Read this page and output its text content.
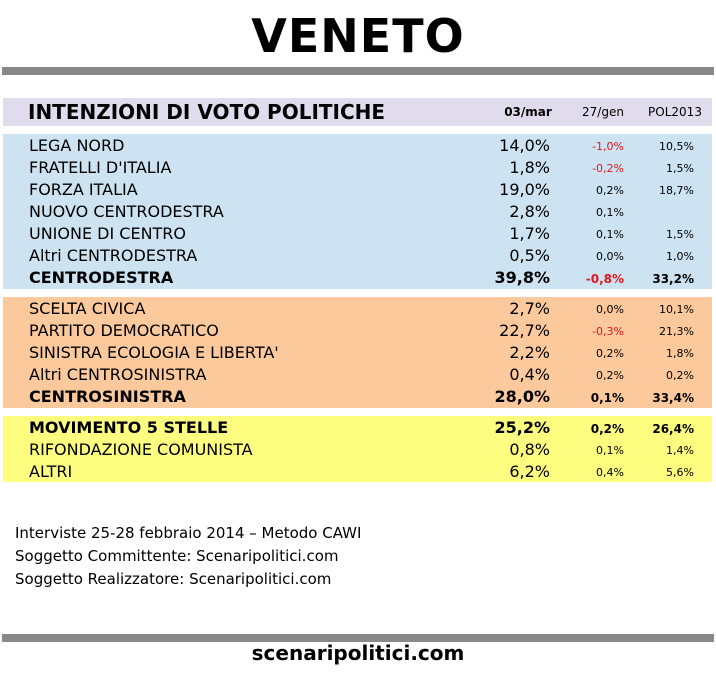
VENETO
INTENZIONI DI VOTO POLITICHE	03/mar	27/gen	POL2013
LEGA NORD	14,0%	-1,0%	10,5%
FRATELLI D'ITALIA	1,8%	-0,2%	1,5%
FORZA ITALIA	19,0%	0,2%	18,7%
NUOVO CENTRODESTRA	2,8%	0,1%
UNIONE DI CENTRO	1,7%	0,1%	1,5%
Altri CENTRODESTRA	0,5%	0,0%	1,0%
CENTRODESTRA	39,8%	-0,8%	33,2%
SCELTA CIVICA	2,7%	0,0%	10,1%
PARTITO DEMOCRATICO	22,7%	-0,3%	21,3%
SINISTRA ECOLOGIA E LIBERTA'	2,2%	0,2%	1,8%
Altri CENTROSINISTRA	0,4%	0,2%	0,2%
CENTROSINISTRA	28,0%	0,1%	33,4%
MOVIMENTO 5 STELLE	25,2%	0,2%	26,4%
RIFONDAZIONE COMUNISTA	0,8%	0,1%	1,4%
ALTRI	6,2%	0,4%	5,6%
Interviste 25-28 febbraio 2014 – Metodo CAWI
Soggetto Committente: Scenaripolitici.com
Soggetto Realizzatore: Scenaripolitici.com
scenaripolitici.com
